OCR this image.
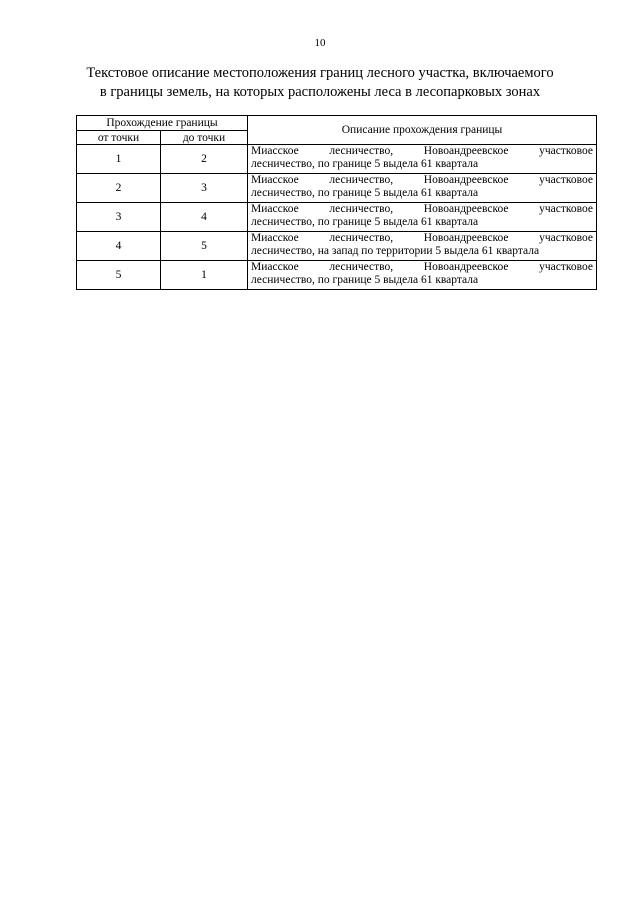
10
Текстовое описание местоположения границ лесного участка, включаемого
в границы земель, на которых расположены леса в лесопарковых зонах
Прохождение границы		Описание прохождения границы
от точки	до точки	
1	2	Миасское лесничество, Новоандреевское участковое
лесничество, по границе 5 выдела 61 квартала

2	3	Миасское лесничество, Новоандреевское участковое
лесничество, по границе 5 выдела 61 квартала

3	4	Миасское лесничество, Новоандреевское участковое
лесничество, по границе 5 выдела 61 квартала

4	5	Миасское лесничество, Новоандреевское участковое
лесничество, на запад по территории 5 выдела 61 квартала

5	1	Миасское лесничество, Новоандреевское участковое
лесничество, по границе 5 выдела 61 квартала
